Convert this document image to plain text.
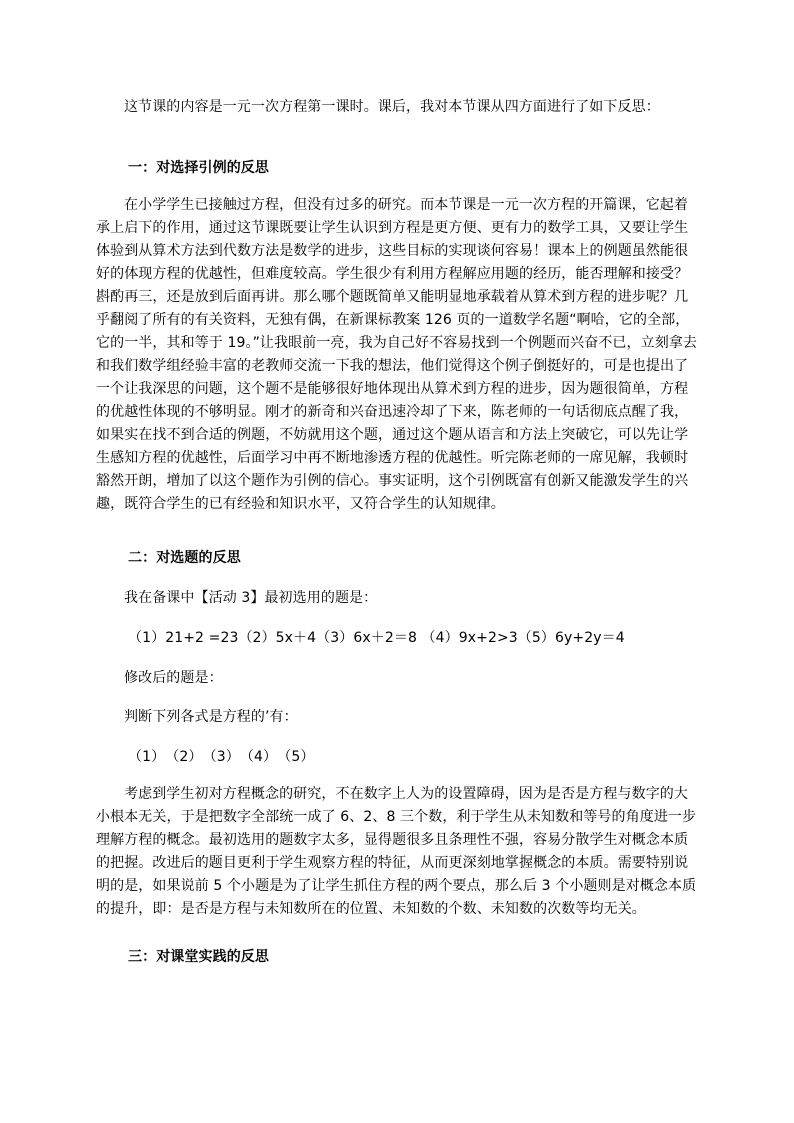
这节课的内容是一元一次方程第一课时。课后，我对本节课从四方面进行了如下反思：

一：对选择引例的反思

在小学学生已接触过方程，但没有过多的研究。而本节课是一元一次方程的开篇课，它起着承上启下的作用，通过这节课既要让学生认识到方程是更方便、更有力的数学工具，又要让学生体验到从算术方法到代数方法是数学的进步，这些目标的实现谈何容易！课本上的例题虽然能很好的体现方程的优越性，但难度较高。学生很少有利用方程解应用题的经历，能否理解和接受？斟酌再三，还是放到后面再讲。那么哪个题既简单又能明显地承载着从算术到方程的进步呢？几乎翻阅了所有的有关资料，无独有偶，在新课标教案 126 页的一道数学名题“啊哈，它的全部，　它的一半，其和等于 19。”让我眼前一亮，我为自己好不容易找到一个例题而兴奋不已，立刻拿去和我们数学组经验丰富的老教师交流一下我的想法，他们觉得这个例子倒挺好的，可是也提出了一个让我深思的问题，这个题不是能够很好地体现出从算术到方程的进步，因为题很简单，方程的优越性体现的不够明显。刚才的新奇和兴奋迅速冷却了下来，陈老师的一句话彻底点醒了我，如果实在找不到合适的例题，不妨就用这个题，通过这个题从语言和方法上突破它，可以先让学生感知方程的优越性，后面学习中再不断地渗透方程的优越性。听完陈老师的一席见解，我顿时豁然开朗，增加了以这个题作为引例的信心。事实证明，这个引例既富有创新又能激发学生的兴趣，既符合学生的已有经验和知识水平，又符合学生的认知规律。

二：对选题的反思
我在备课中【活动 3】最初选用的题是：
（1）21+2 =23（2）5x＋4（3）6x＋2＝8 （4）9x+2>3（5）6y+2y＝4
修改后的题是：
判断下列各式是方程的’有：
（1）　（2）　（3）　（4）　（5）

考虑到学生初对方程概念的研究，不在数字上人为的设置障碍，因为是否是方程与数字的大小根本无关，于是把数字全部统一成了 6、2、8 三个数，利于学生从未知数和等号的角度进一步理解方程的概念。最初选用的题数字太多，显得题很多且条理性不强，容易分散学生对概念本质的把握。改进后的题目更利于学生观察方程的特征，从而更深刻地掌握概念的本质。需要特别说明的是，如果说前 5 个小题是为了让学生抓住方程的两个要点，那么后 3 个小题则是对概念本质的提升，即：是否是方程与未知数所在的位置、未知数的个数、未知数的次数等均无关。

三：对课堂实践的反思
